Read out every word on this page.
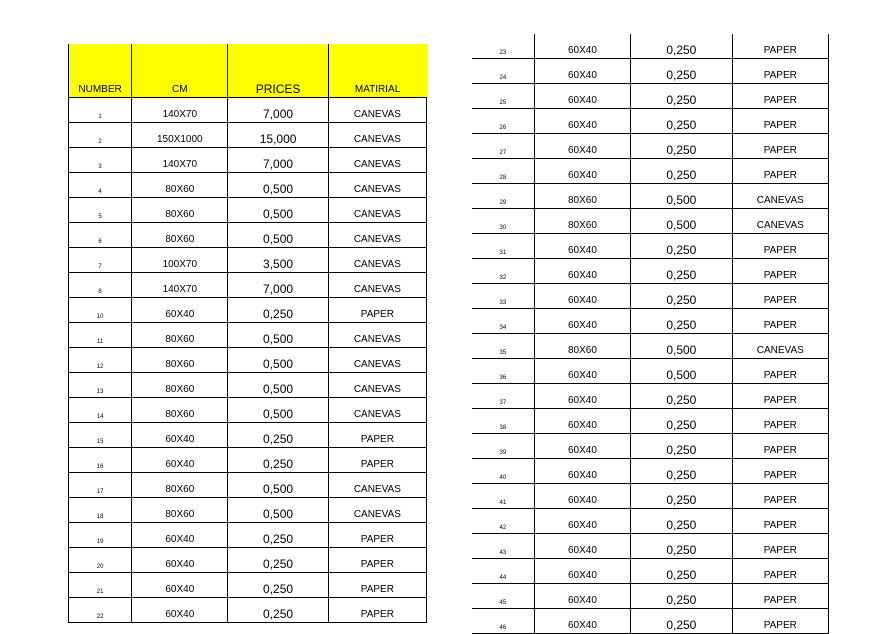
NUMBER	CM	PRICES	MATIRIAL
1	140X70	7,000	CANEVAS
2	150X1000	15,000	CANEVAS
3	140X70	7,000	CANEVAS
4	80X60	0,500	CANEVAS
5	80X60	0,500	CANEVAS
6	80X60	0,500	CANEVAS
7	100X70	3,500	CANEVAS
8	140X70	7,000	CANEVAS
10	60X40	0,250	PAPER
11	80X60	0,500	CANEVAS
12	80X60	0,500	CANEVAS
13	80X60	0,500	CANEVAS
14	80X60	0,500	CANEVAS
15	60X40	0,250	PAPER
16	60X40	0,250	PAPER
17	80X60	0,500	CANEVAS
18	80X60	0,500	CANEVAS
19	60X40	0,250	PAPER
20	60X40	0,250	PAPER
21	60X40	0,250	PAPER
22	60X40	0,250	PAPER
23	60X40	0,250	PAPER
24	60X40	0,250	PAPER
25	60X40	0,250	PAPER
26	60X40	0,250	PAPER
27	60X40	0,250	PAPER
28	60X40	0,250	PAPER
29	80X60	0,500	CANEVAS
30	80X60	0,500	CANEVAS
31	60X40	0,250	PAPER
32	60X40	0,250	PAPER
33	60X40	0,250	PAPER
34	60X40	0,250	PAPER
35	80X60	0,500	CANEVAS
36	60X40	0,500	PAPER
37	60X40	0,250	PAPER
38	60X40	0,250	PAPER
39	60X40	0,250	PAPER
40	60X40	0,250	PAPER
41	60X40	0,250	PAPER
42	60X40	0,250	PAPER
43	60X40	0,250	PAPER
44	60X40	0,250	PAPER
45	60X40	0,250	PAPER
46	60X40	0,250	PAPER
